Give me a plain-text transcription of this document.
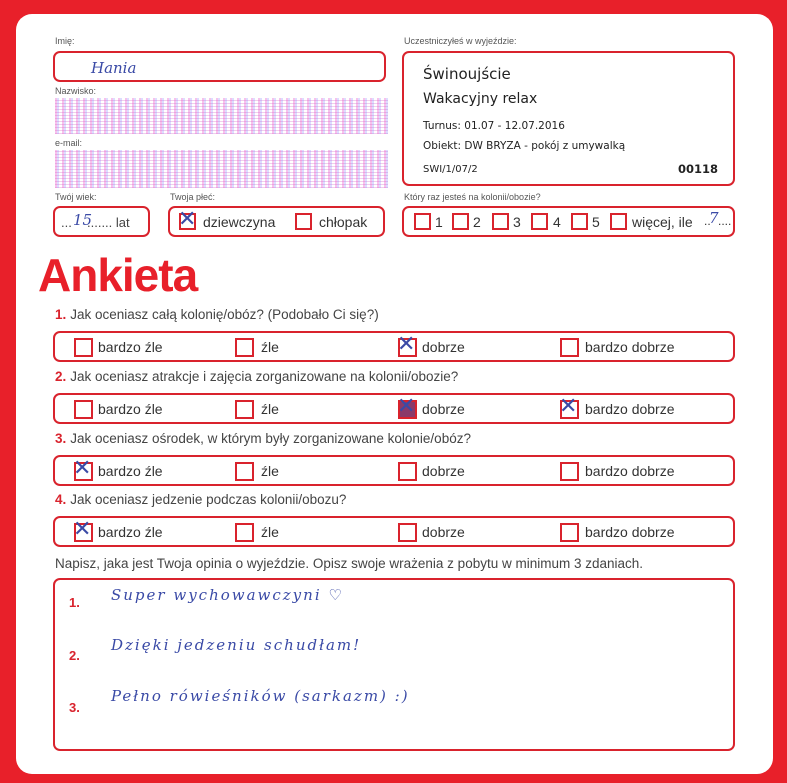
Imię:
Hania
Nazwisko:
e-mail:
Uczestniczyłeś w wyjeździe:
Świnoujście
Wakacyjny relax
Turnus: 01.07 - 12.07.2016
Obiekt: DW BRYZA - pokój z umywalką
SWI/1/07/2	00118
Twój wiek:
... 15
....... lat
Twoja płeć:
✕ dziewczyna	chłopak
Który raz jesteś na kolonii/obozie?
1 2 3 4 5 więcej, ile ..
7 ....
Ankieta
1. Jak oceniasz całą kolonię/obóz? (Podobało Ci się?)
bardzo źle	źle	✕ dobrze	bardzo dobrze
2. Jak oceniasz atrakcje i zajęcia zorganizowane na kolonii/obozie?
bardzo źle	źle	✕ dobrze	✕ bardzo dobrze
3. Jak oceniasz ośrodek, w którym były zorganizowane kolonie/obóz?
✕ bardzo źle	źle	dobrze	bardzo dobrze
4. Jak oceniasz jedzenie podczas kolonii/obozu?
✕ bardzo źle	źle	dobrze	bardzo dobrze
Napisz, jaka jest Twoja opinia o wyjeździe. Opisz swoje wrażenia z pobytu w minimum 3 zdaniach.
1. Super wychowawczyni ♡
2.
Dzięki jedzeniu schudłam!
3.
Pełno rówieśników (sarkazm) :)
